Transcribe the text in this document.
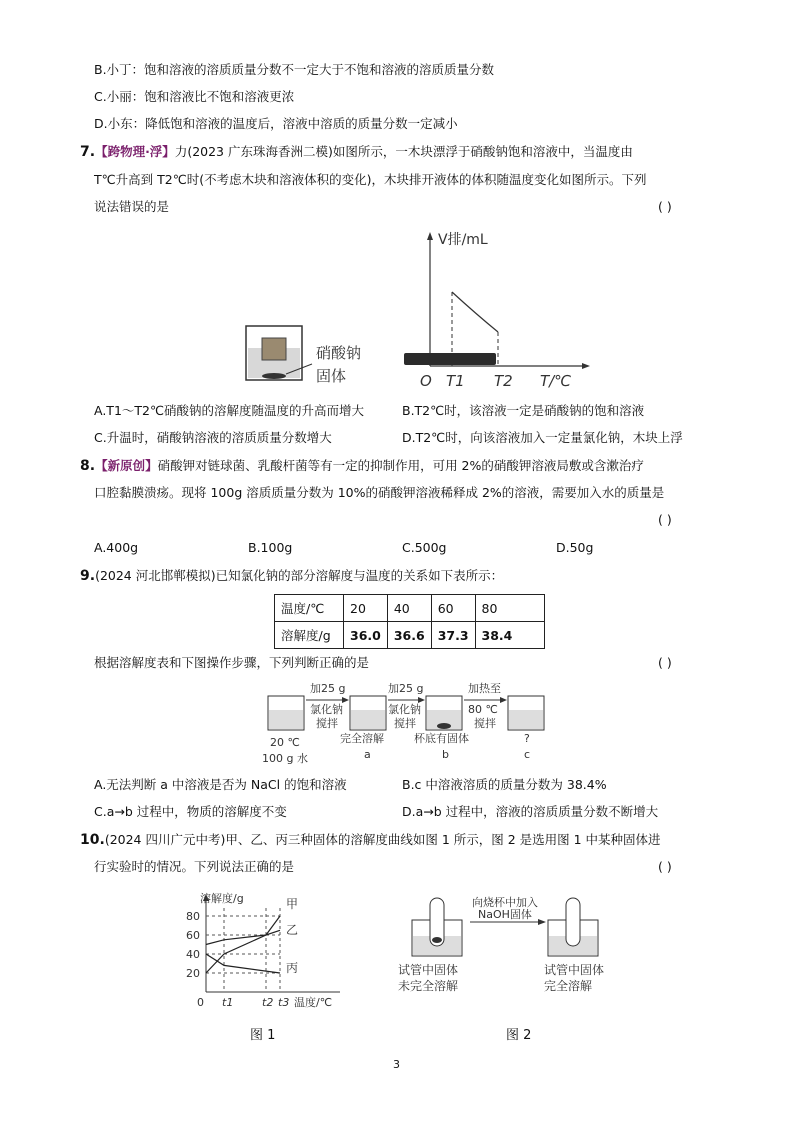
B.小丁：饱和溶液的溶质质量分数不一定大于不饱和溶液的溶质质量分数
C.小丽：饱和溶液比不饱和溶液更浓
D.小东：降低饱和溶液的温度后，溶液中溶质的质量分数一定减小
7.【跨物理·浮】力(2023 广东珠海香洲二模)如图所示，一木块漂浮于硝酸钠饱和溶液中，当温度由
T℃升高到 T2℃时(不考虑木块和溶液体积的变化)，木块排开液体的体积随温度变化如图所示。下列
说法错误的是	( )
硝酸钠
固体
V排/mL
O T1 T2 T/℃
A.T1～T2℃硝酸钠的溶解度随温度的升高而增大	B.T2℃时，该溶液一定是硝酸钠的饱和溶液
C.升温时，硝酸钠溶液的溶质质量分数增大	D.T2℃时，向该溶液加入一定量氯化钠，木块上浮
8.【新原创】硝酸钾对链球菌、乳酸杆菌等有一定的抑制作用，可用 2%的硝酸钾溶液局敷或含漱治疗
口腔黏膜溃疡。现将 100g 溶质质量分数为 10%的硝酸钾溶液稀释成 2%的溶液，需要加入水的质量是
( )
A.400g	B.100g	C.500g	D.50g
9.(2024 河北邯郸模拟)已知氯化钠的部分溶解度与温度的关系如下表所示：
温度/℃	20	40	60	80
溶解度/g	36.0	36.6	37.3	38.4
根据溶解度表和下图操作步骤，下列判断正确的是	( )
加25 g
氯化钠
搅拌
加25 g
氯化钠
搅拌
加热至
80 ℃
搅拌
20 ℃
100 g 水
完全溶解
a
杯底有固体
b
?
c
A.无法判断 a 中溶液是否为 NaCl 的饱和溶液	B.c 中溶液溶质的质量分数为 38.4%
C.a→b 过程中，物质的溶解度不变	D.a→b 过程中，溶液的溶质质量分数不断增大
10.(2024 四川广元中考)甲、乙、丙三种固体的溶解度曲线如图 1 所示，图 2 是选用图 1 中某种固体进
行实验时的情况。下列说法正确的是	( )
溶解度/g
温度/℃
0
80
60
40
20
t1	t2 t3
甲
乙
丙
向烧杯中加入
NaOH固体
试管中固体
未完全溶解
试管中固体
完全溶解
图 1	图 2
3
